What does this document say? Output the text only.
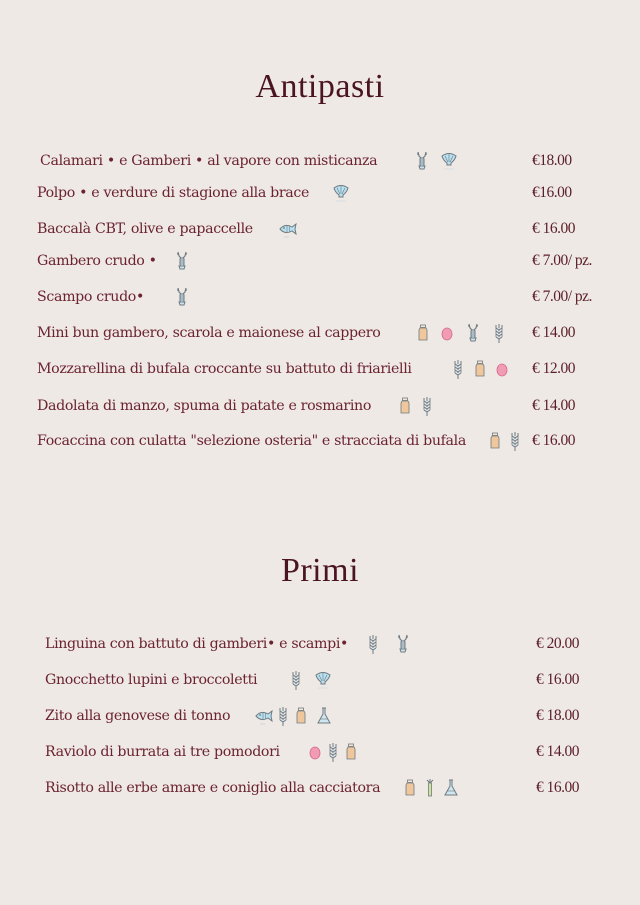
Antipasti
Calamari • e Gamberi • al vapore con misticanza	€18.00
Polpo • e verdure di stagione alla brace	€16.00
Baccalà CBT, olive e papaccelle	€ 16.00
Gambero crudo •	€ 7.00/ pz.
Scampo crudo•	€ 7.00/ pz.
Mini bun gambero, scarola e maionese al cappero	€ 14.00
Mozzarellina di bufala croccante su battuto di friarielli	€ 12.00
Dadolata di manzo, spuma di patate e rosmarino	€ 14.00
Focaccina con culatta "selezione osteria" e stracciata di bufala	€ 16.00
Primi
Linguina con battuto di gamberi• e scampi•	€ 20.00
Gnocchetto lupini e broccoletti	€ 16.00
Zito alla genovese di tonno	€ 18.00
Raviolo di burrata ai tre pomodori	€ 14.00
Risotto alle erbe amare e coniglio alla cacciatora	€ 16.00
